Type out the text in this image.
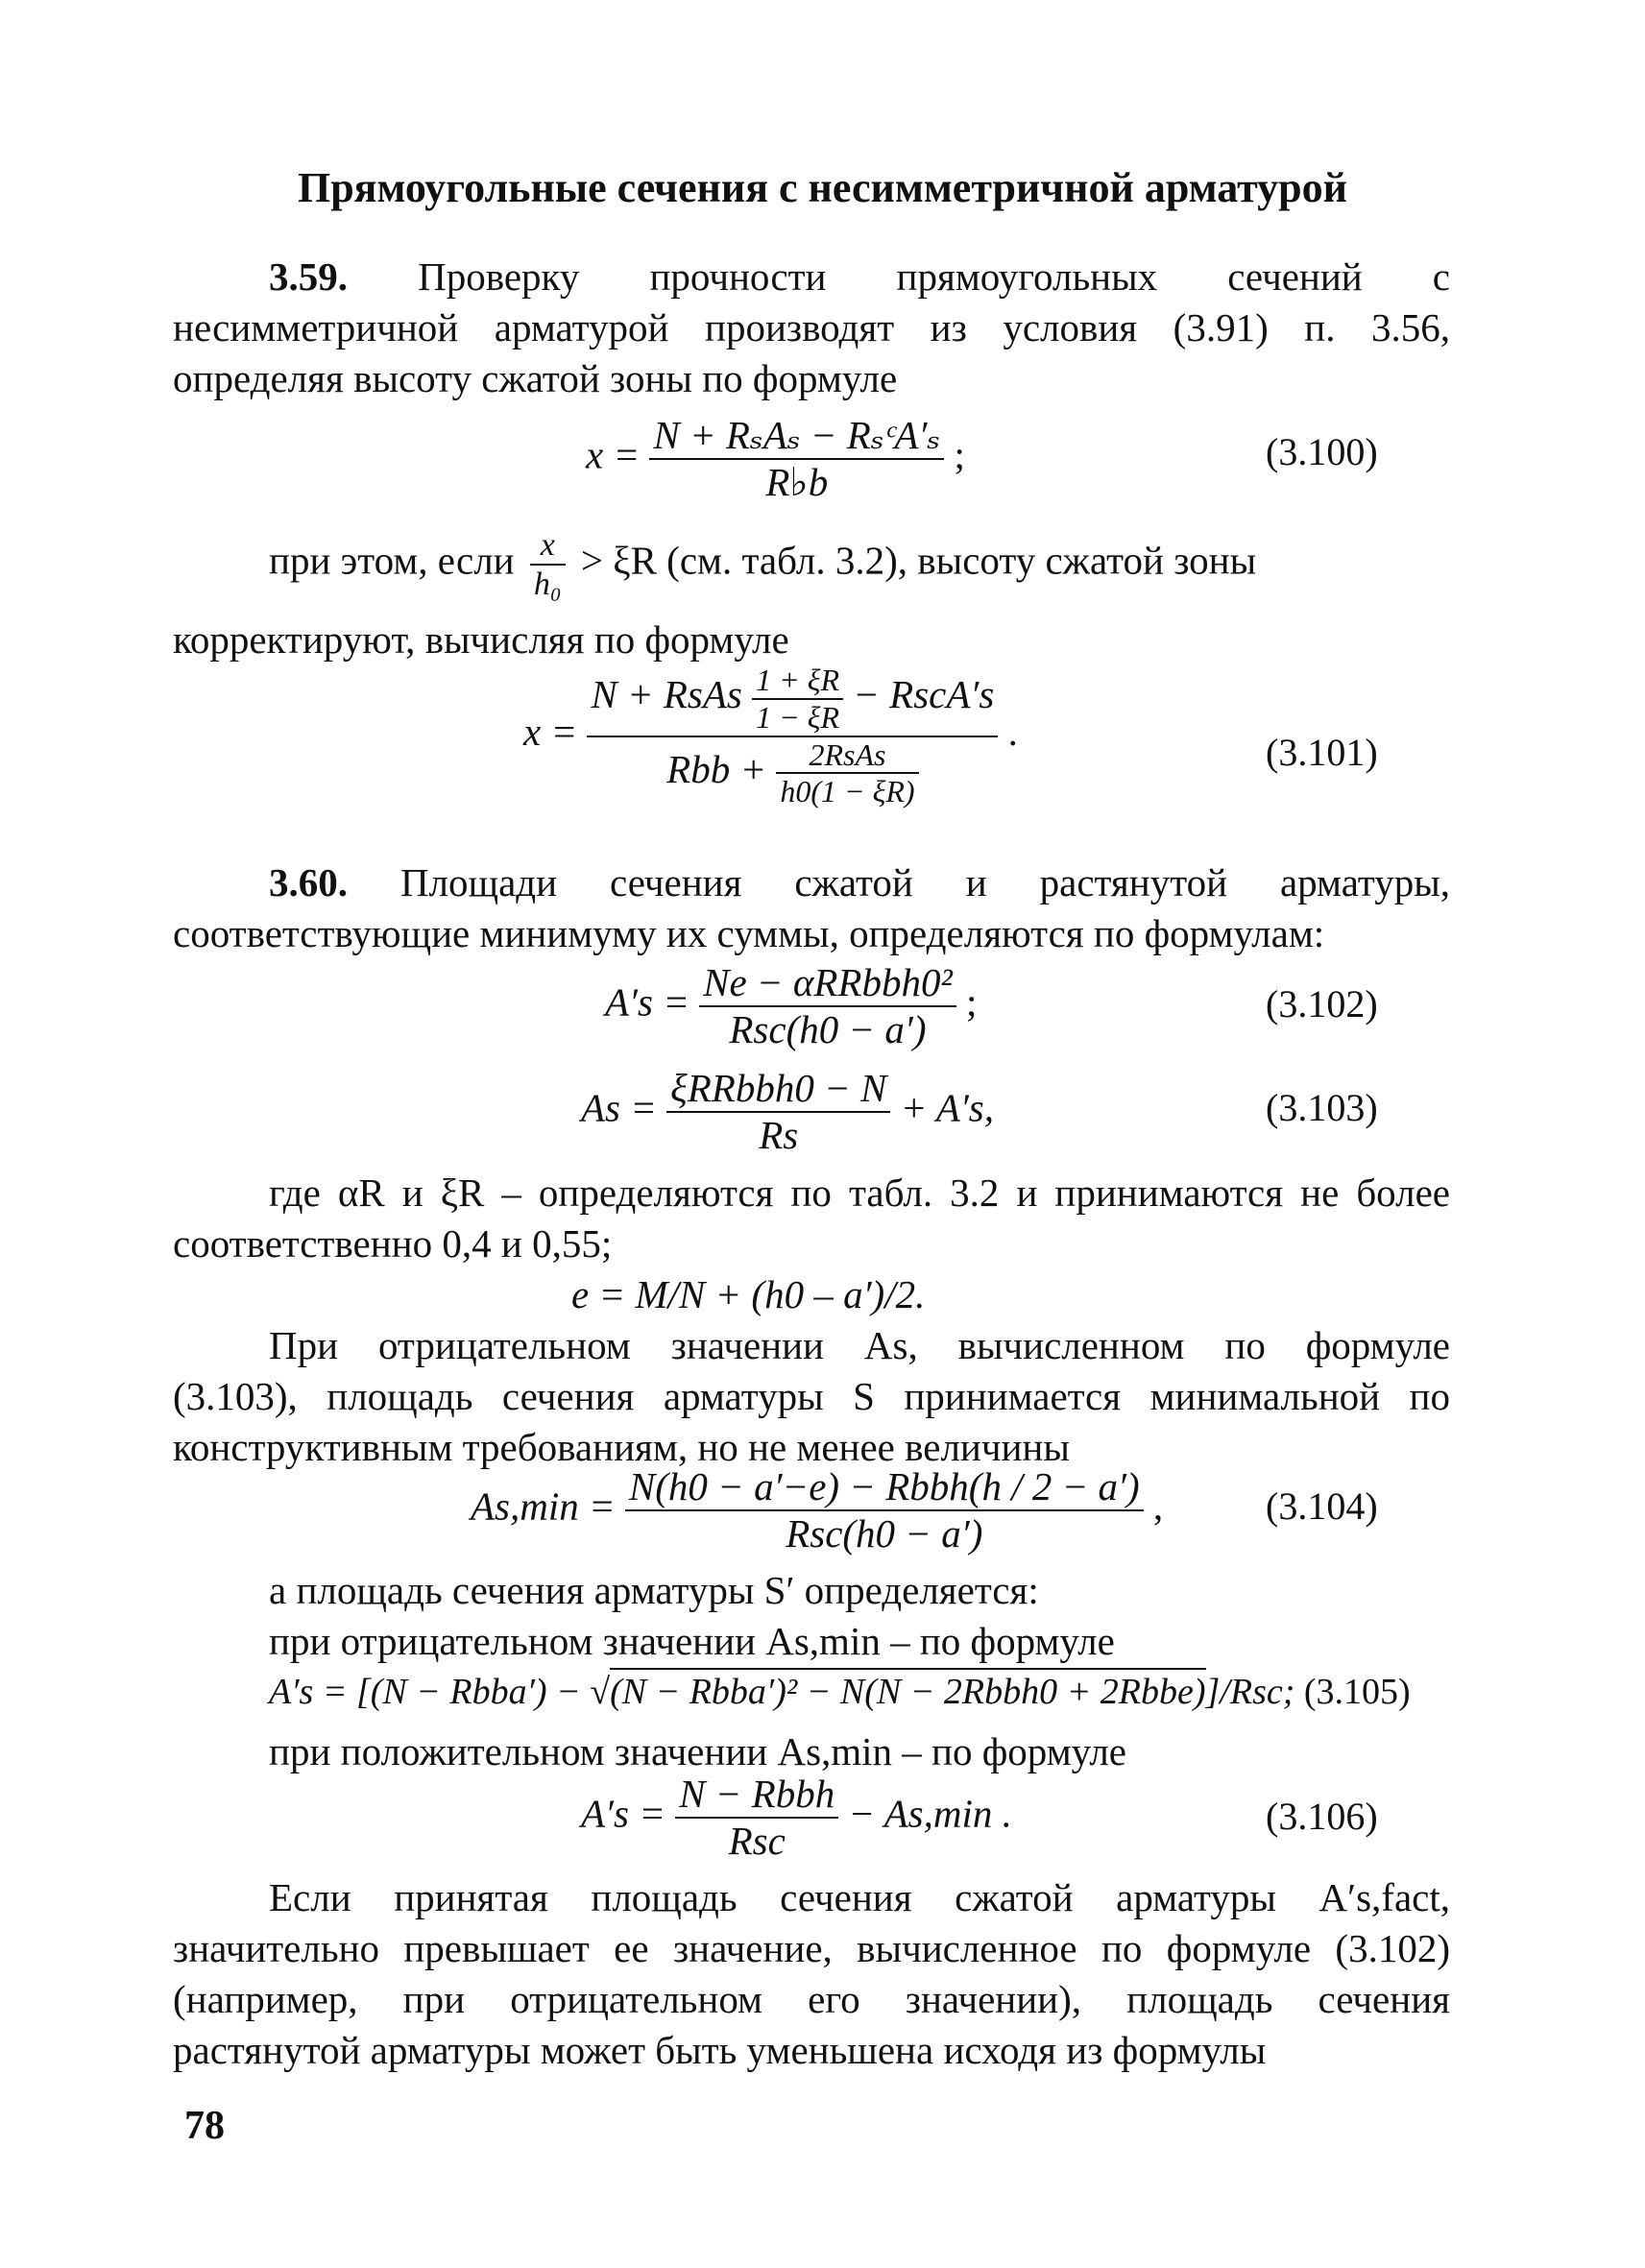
Прямоугольные сечения с несимметричной арматурой
3.59. Проверку прочности прямоугольных сечений с
несимметричной арматурой производят из условия (3.91) п. 3.56,
определяя высоту сжатой зоны по формуле
$x = \frac{\text{N + RₛAₛ − RₛᶜA′ₛ}}{R♭b}$ ;	(3.100)
при этом, если $\frac{x}{\text{h₀}} > \xi R$ (см. табл. 3.2), высоту сжатой зоны
корректируют, вычисляя по формуле
x =
N + RsAs $\frac{1 + \xi R}{1 - \xi R}$ − RscA′s
Rbb + $\frac{\text{2RsAs}}{h0(1 - \xi R)}$
.	(3.101)
3.60. Площади сечения сжатой и растянутой арматуры,
соответствующие минимуму их суммы, определяются по формулам:
$A's = \frac{\text{Ne − αRRbbh0²}}{\text{Rsc(h0 − a′)}}$ ;	(3.102)
$As = \frac{\text{ξRRbbh0 − N}}{Rs} + A's$,	(3.103)
где αR и ξR – определяются по табл. 3.2 и принимаются не более
соответственно 0,4 и 0,55;
e = M/N + (h0 – a′)/2.
При отрицательном значении As, вычисленном по формуле
(3.103), площадь сечения арматуры S принимается минимальной по
конструктивным требованиям, но не менее величины
$As,\min = \frac{\text{N(h0 − a′−e) − Rbbh(h / 2 − a′)}}{\text{Rsc(h0 − a′)}}$ ,	(3.104)
а площадь сечения арматуры S′ определяется:
при отрицательном значении As,min – по формуле
A′s = [(N − Rbba′) − √(N − Rbba′)² − N(N − 2Rbbh0 + 2Rbbe)]/Rsc; (3.105)
при положительном значении As,min – по формуле
$A's = \frac{\text{N − Rbbh}}{\text{Rsc}} - As,\min$ .	(3.106)
Если принятая площадь сечения сжатой арматуры A′s,fact,
значительно превышает ее значение, вычисленное по формуле (3.102)
(например, при отрицательном его значении), площадь сечения
растянутой арматуры может быть уменьшена исходя из формулы
78
